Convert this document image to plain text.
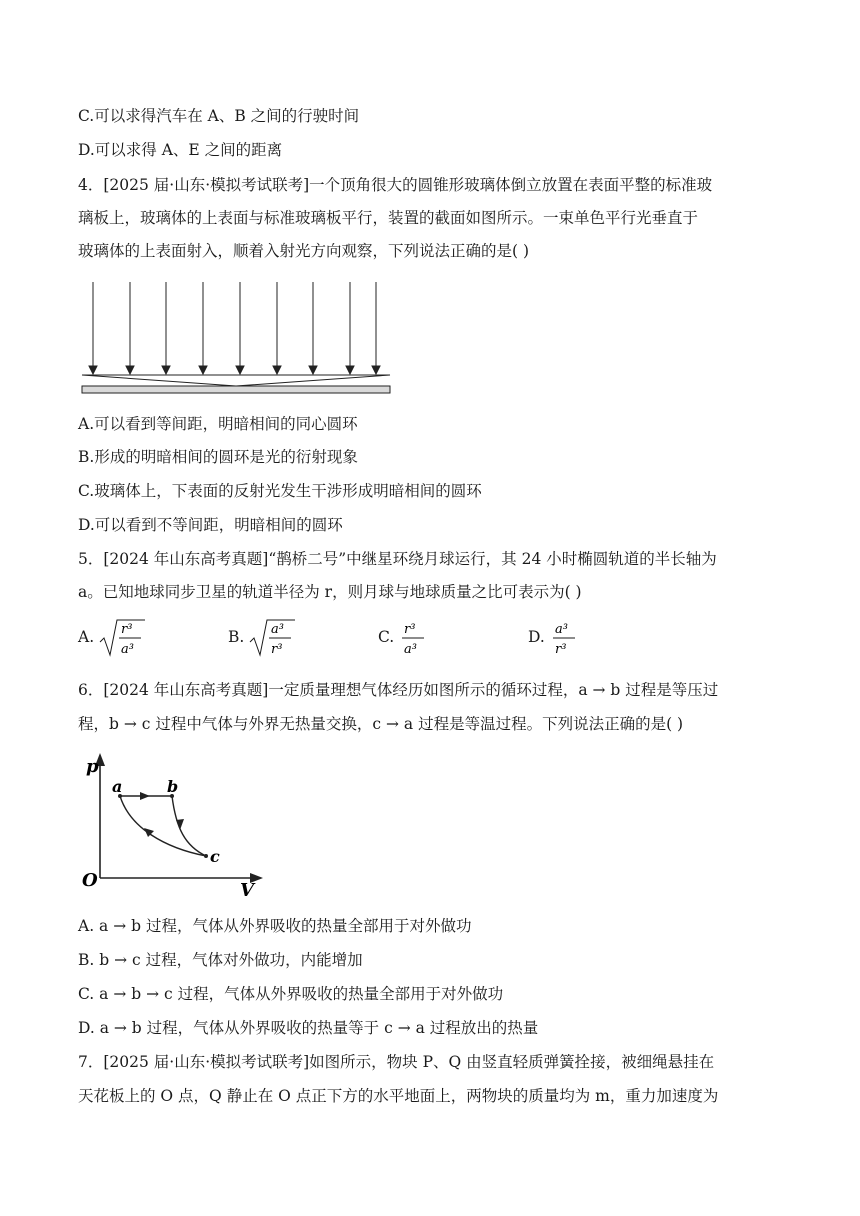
C.可以求得汽车在 A、B 之间的行驶时间
D.可以求得 A、E 之间的距离
4．[2025 届·山东·模拟考试联考]一个顶角很大的圆锥形玻璃体倒立放置在表面平整的标准玻
璃板上，玻璃体的上表面与标准玻璃板平行，装置的截面如图所示。一束单色平行光垂直于
玻璃体的上表面射入，顺着入射光方向观察，下列说法正确的是( )
A.可以看到等间距，明暗相间的同心圆环
B.形成的明暗相间的圆环是光的衍射现象
C.玻璃体上，下表面的反射光发生干涉形成明暗相间的圆环
D.可以看到不等间距，明暗相间的圆环
5．[2024 年山东高考真题]“鹊桥二号”中继星环绕月球运行，其 24 小时椭圆轨道的半长轴为
a。已知地球同步卫星的轨道半径为 r，则月球与地球质量之比可表示为( )
A. r³
a³
B. a³
r³
C. r³
a³
D. a³
r³
6．[2024 年山东高考真题]一定质量理想气体经历如图所示的循环过程，a → b 过程是等压过
程，b → c 过程中气体与外界无热量交换，c → a 过程是等温过程。下列说法正确的是( )
p
V
O
a	b
c
A. a → b 过程，气体从外界吸收的热量全部用于对外做功
B. b → c 过程，气体对外做功，内能增加
C. a → b → c 过程，气体从外界吸收的热量全部用于对外做功
D. a → b 过程，气体从外界吸收的热量等于 c → a 过程放出的热量
7．[2025 届·山东·模拟考试联考]如图所示，物块 P、Q 由竖直轻质弹簧拴接，被细绳悬挂在
天花板上的 O 点，Q 静止在 O 点正下方的水平地面上，两物块的质量均为 m，重力加速度为
